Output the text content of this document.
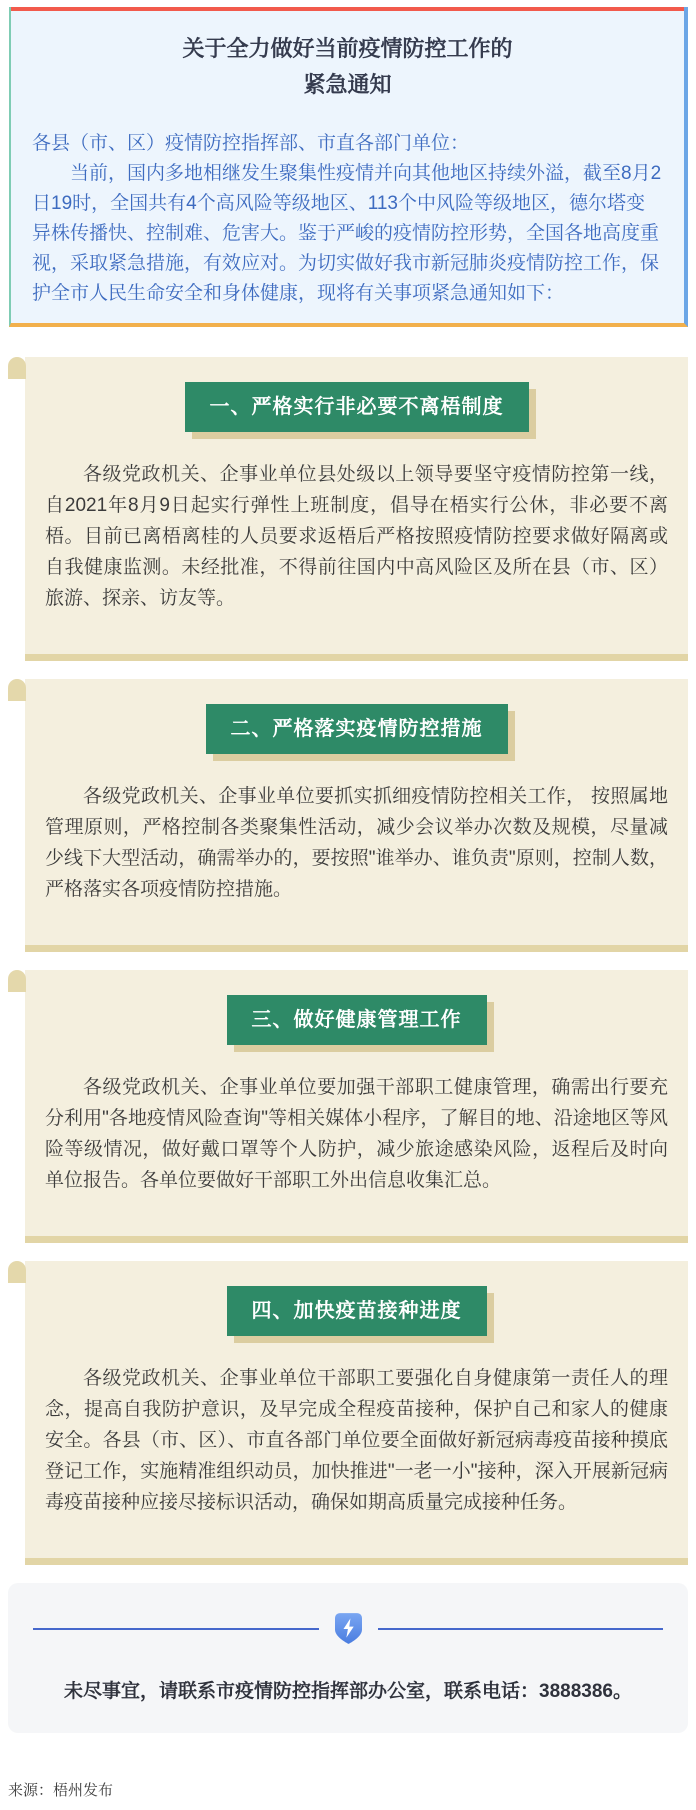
关于全力做好当前疫情防控工作的
紧急通知

各县（市、区）疫情防控指挥部、市直各部门单位：

当前，国内多地相继发生聚集性疫情并向其他地区持续外溢，截至8月2日19时，全国共有4个高风险等级地区、113个中风险等级地区，德尔塔变异株传播快、控制难、危害大。鉴于严峻的疫情防控形势，全国各地高度重视，采取紧急措施，有效应对。为切实做好我市新冠肺炎疫情防控工作，保护全市人民生命安全和身体健康，现将有关事项紧急通知如下：

一、严格实行非必要不离梧制度

各级党政机关、企事业单位县处级以上领导要坚守疫情防控第一线，自2021年8月9日起实行弹性上班制度，倡导在梧实行公休，非必要不离梧。目前已离梧离桂的人员要求返梧后严格按照疫情防控要求做好隔离或自我健康监测。未经批准，不得前往国内中高风险区及所在县（市、区）旅游、探亲、访友等。

二、严格落实疫情防控措施

各级党政机关、企事业单位要抓实抓细疫情防控相关工作， 按照属地管理原则，严格控制各类聚集性活动，减少会议举办次数及规模，尽量减少线下大型活动，确需举办的，要按照"谁举办、谁负责"原则，控制人数，严格落实各项疫情防控措施。

三、做好健康管理工作

各级党政机关、企事业单位要加强干部职工健康管理，确需出行要充分利用"各地疫情风险查询"等相关媒体小程序，了解目的地、沿途地区等风险等级情况，做好戴口罩等个人防护，减少旅途感染风险，返程后及时向单位报告。各单位要做好干部职工外出信息收集汇总。

四、加快疫苗接种进度

各级党政机关、企事业单位干部职工要强化自身健康第一责任人的理念，提高自我防护意识，及早完成全程疫苗接种，保护自己和家人的健康安全。各县（市、区）、市直各部门单位要全面做好新冠病毒疫苗接种摸底登记工作，实施精准组织动员，加快推进"一老一小"接种，深入开展新冠病毒疫苗接种应接尽接标识活动，确保如期高质量完成接种任务。

未尽事宜，请联系市疫情防控指挥部办公室，联系电话：3888386。
来源：梧州发布
